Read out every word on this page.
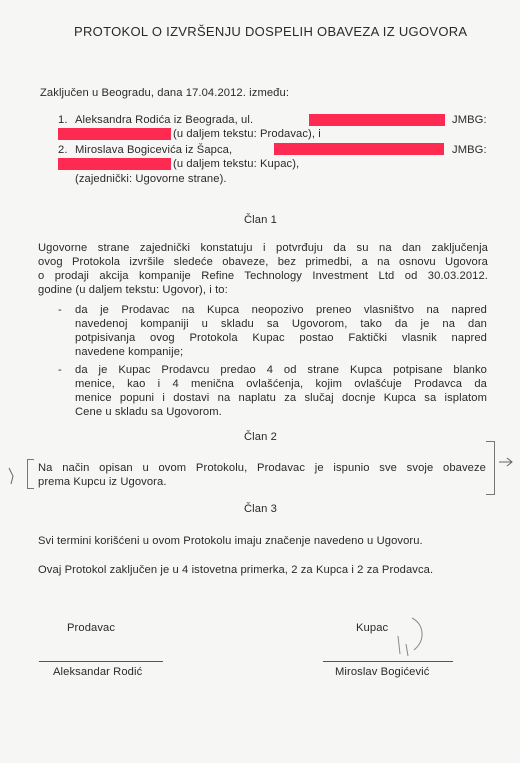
PROTOKOL O IZVRŠENJU DOSPELIH OBAVEZA IZ UGOVORA
Zaključen u Beogradu, dana 17.04.2012. između:
1. Aleksandra Rodića iz Beograda, ul.	JMBG:
(u daljem tekstu: Prodavac), i
2. Miroslava Bogicevića iz Šapca,	JMBG:
(u daljem tekstu: Kupac),
(zajednički: Ugovorne strane).
Član 1
Ugovorne strane zajednički konstatuju i potvrđuju da su na dan zaključenja
ovog Protokola izvršile sledeće obaveze, bez primedbi, a na osnovu Ugovora
o prodaji akcija kompanije Refine Technology Investment Ltd od 30.03.2012.
godine (u daljem tekstu: Ugovor), i to:
- da je Prodavac na Kupca neopozivo preneo vlasništvo na napred
navedenoj kompaniji u skladu sa Ugovorom, tako da je na dan
potpisivanja ovog Protokola Kupac postao Faktički vlasnik napred
navedene kompanije;
- da je Kupac Prodavcu predao 4 od strane Kupca potpisane blanko
menice, kao i 4 menična ovlašćenja, kojim ovlašćuje Prodavca da
menice popuni i dostavi na naplatu za slučaj docnje Kupca sa isplatom
Cene u skladu sa Ugovorom.
Član 2
Na način opisan u ovom Protokolu, Prodavac je ispunio sve svoje obaveze
prema Kupcu iz Ugovora.
Član 3
Svi termini korišćeni u ovom Protokolu imaju značenje navedeno u Ugovoru.
Ovaj Protokol zaključen je u 4 istovetna primerka, 2 za Kupca i 2 za Prodavca.
Prodavac	Kupac
Aleksandar Rodić	Miroslav Bogićević
